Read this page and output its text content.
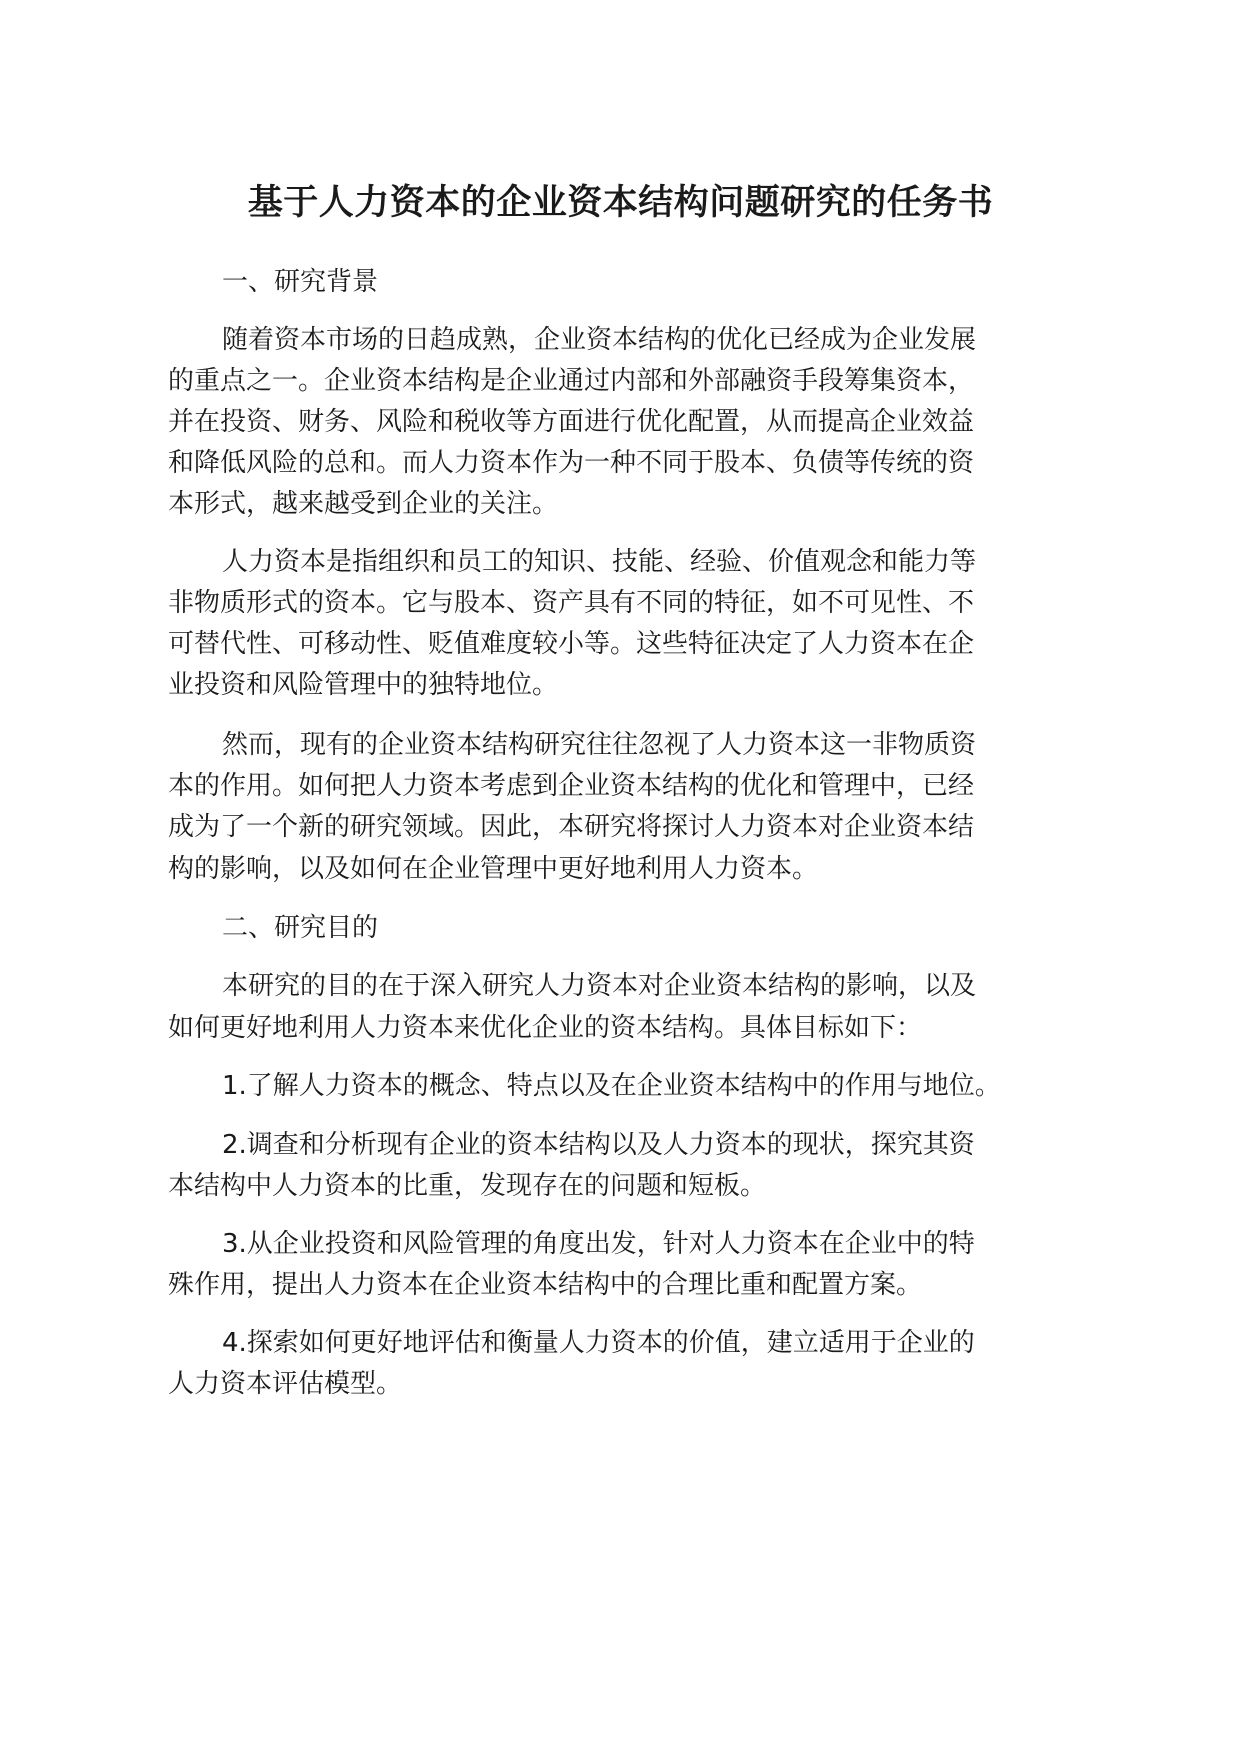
基于人力资本的企业资本结构问题研究的任务书

一、研究背景

随着资本市场的日趋成熟，企业资本结构的优化已经成为企业发展

的重点之一。企业资本结构是企业通过内部和外部融资手段筹集资本，

并在投资、财务、风险和税收等方面进行优化配置，从而提高企业效益

和降低风险的总和。而人力资本作为一种不同于股本、负债等传统的资

本形式，越来越受到企业的关注。

人力资本是指组织和员工的知识、技能、经验、价值观念和能力等

非物质形式的资本。它与股本、资产具有不同的特征，如不可见性、不

可替代性、可移动性、贬值难度较小等。这些特征决定了人力资本在企

业投资和风险管理中的独特地位。

然而，现有的企业资本结构研究往往忽视了人力资本这一非物质资

本的作用。如何把人力资本考虑到企业资本结构的优化和管理中，已经

成为了一个新的研究领域。因此，本研究将探讨人力资本对企业资本结

构的影响，以及如何在企业管理中更好地利用人力资本。

二、研究目的

本研究的目的在于深入研究人力资本对企业资本结构的影响，以及

如何更好地利用人力资本来优化企业的资本结构。具体目标如下：

1.了解人力资本的概念、特点以及在企业资本结构中的作用与地位。

2.调查和分析现有企业的资本结构以及人力资本的现状，探究其资

本结构中人力资本的比重，发现存在的问题和短板。

3.从企业投资和风险管理的角度出发，针对人力资本在企业中的特

殊作用，提出人力资本在企业资本结构中的合理比重和配置方案。

4.探索如何更好地评估和衡量人力资本的价值，建立适用于企业的

人力资本评估模型。
